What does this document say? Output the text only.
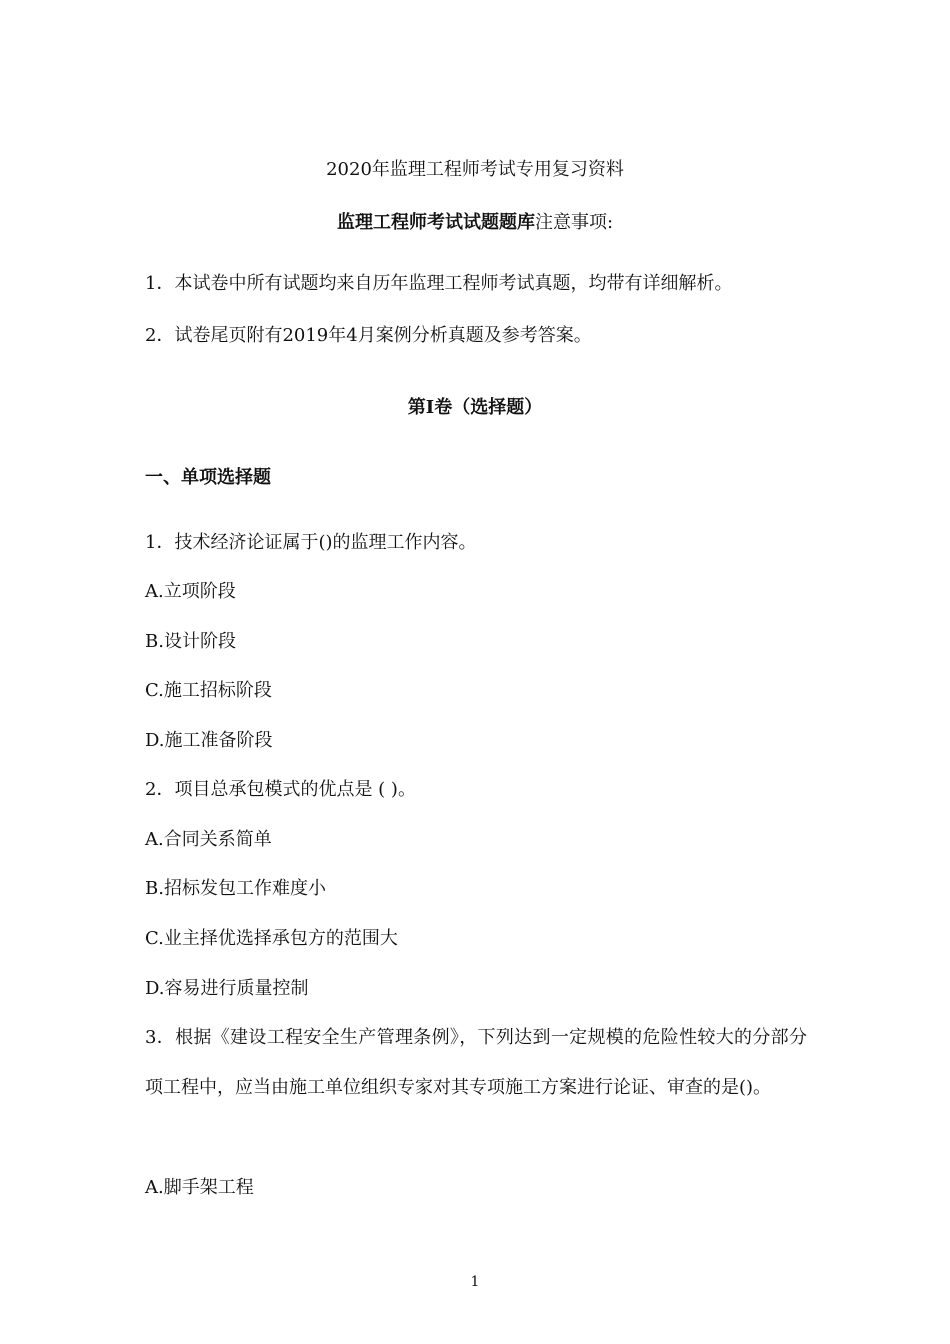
2020年监理工程师考试专用复习资料

监理工程师考试试题题库注意事项:

1．本试卷中所有试题均来自历年监理工程师考试真题，均带有详细解析。

2．试卷尾页附有2019年4月案例分析真题及参考答案。

第I卷（选择题）

一、单项选择题

1．技术经济论证属于()的监理工作内容。

A.立项阶段

B.设计阶段

C.施工招标阶段

D.施工准备阶段

2．项目总承包模式的优点是 ( )。

A.合同关系简单

B.招标发包工作难度小

C.业主择优选择承包方的范围大

D.容易进行质量控制

3．根据《建设工程安全生产管理条例》，下列达到一定规模的危险性较大的分部分项工程中，应当由施工单位组织专家对其专项施工方案进行论证、审查的是()。

A.脚手架工程

1
